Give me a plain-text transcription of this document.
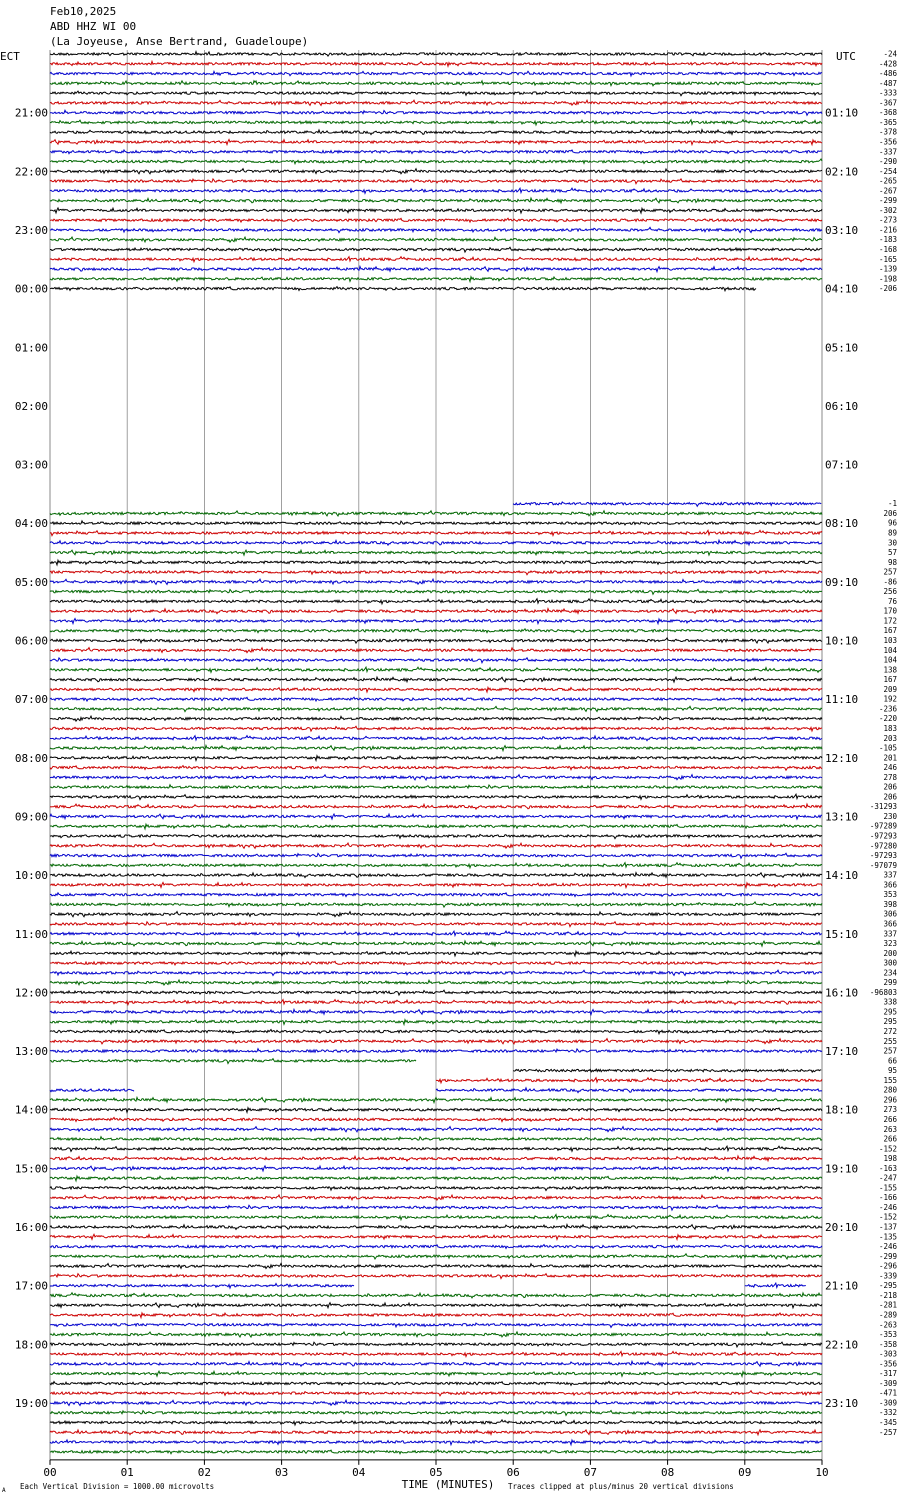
Feb10,2025
ABD HHZ WI 00
(La Joyeuse, Anse Bertrand, Guadeloupe)
00	01	02	03	04	05	06	07	08	09	10
-24
-428
-486
-487
-333
-367
-368
-365
-378
-356
-337
-290
-254
-265
-267
-299
-302
-273
-216
-183
-168
-165
-139
-198
-206
-1
206
96
89
30
57
98
257
-86
256
76
170
172
167
103
104
104
138
167
209
192
-236
-220
183
203
-105
201
246
278
206
206
-31293
230
-97289
-97293
-97280
-97293
-97079
337
366
353
398
306
366
337
323
200
300
234
299
-96803
338
295
295
272
255
257
66
95
155
280
296
273
266
263
266
-152
198
-163
-247
-155
-166
-246
-152
-137
-135
-246
-299
-296
-339
-295
-218
-281
-289
-263
-353
-358
-303
-356
-317
-309
-471
-309
-332
-345
-257
21:00
22:00
23:00
00:00
01:00
02:00
03:00
04:00
05:00
06:00
07:00
08:00
09:00
10:00
11:00
12:00
13:00
14:00
15:00
16:00
17:00
18:00
19:00
01:10
02:10
03:10
04:10
05:10
06:10
07:10
08:10
09:10
10:10
11:10
12:10
13:10
14:10
15:10
16:10
17:10
18:10
19:10
20:10
21:10
22:10
23:10
ECT	UTC
TIME (MINUTES)
Each Vertical Division = 1000.00 microvolts	Traces clipped at plus/minus 20 vertical divisions
A
